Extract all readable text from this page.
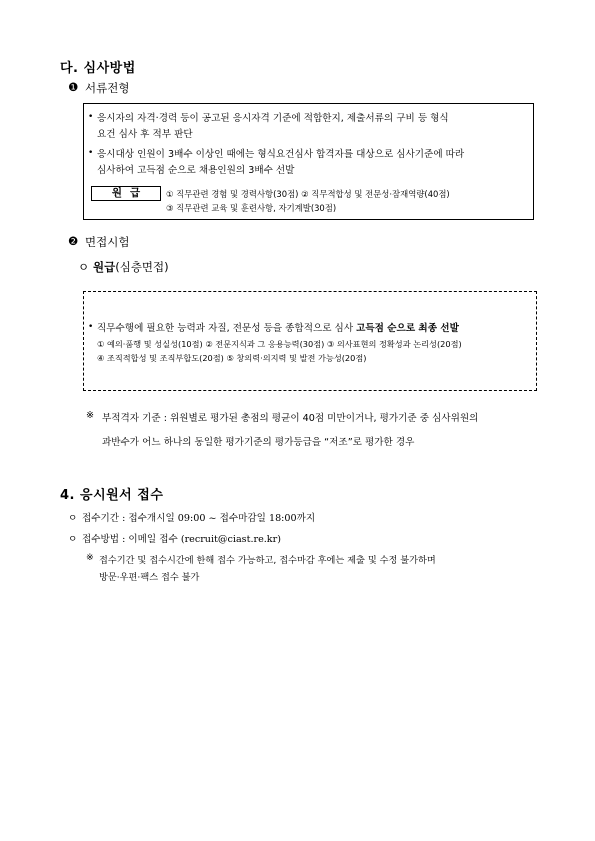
다. 심사방법
❶ 서류전형
• 응시자의 자격·경력 등이 공고된 응시자격 기준에 적합한지, 제출서류의 구비 등 형식
요건 심사 후 적부 판단
• 응시대상 인원이 3배수 이상인 때에는 형식요건심사 합격자를 대상으로 심사기준에 따라
심사하여 고득점 순으로 채용인원의 3배수 선발
원급	① 직무관련 경험 및 경력사항(30점) ② 직무적합성 및 전문성·잠재역량(40점)
③ 직무관련 교육 및 훈련사항, 자기계발(30점)
❷ 면접시험
ㅇ 원급(심층면접)
• 직무수행에 필요한 능력과 자질, 전문성 등을 종합적으로 심사 고득점 순으로 최종 선발
① 예의·품행 및 성실성(10점) ② 전문지식과 그 응용능력(30점) ③ 의사표현의 정확성과 논리성(20점)
④ 조직적합성 및 조직부합도(20점) ⑤ 창의력·의지력 및 발전 가능성(20점)
※ 부적격자 기준 : 위원별로 평가된 총점의 평균이 40점 미만이거나, 평가기준 중 심사위원의
과반수가 어느 하나의 동일한 평가기준의 평가등급을 “저조”로 평가한 경우
4. 응시원서 접수
ㅇ 접수기간 : 접수개시일 09:00 ~ 접수마감일 18:00까지
ㅇ 접수방법 : 이메일 접수 (recruit@ciast.re.kr)
※ 접수기간 및 접수시간에 한해 접수 가능하고, 접수마감 후에는 제출 및 수정 불가하며
방문·우편·팩스 접수 불가
